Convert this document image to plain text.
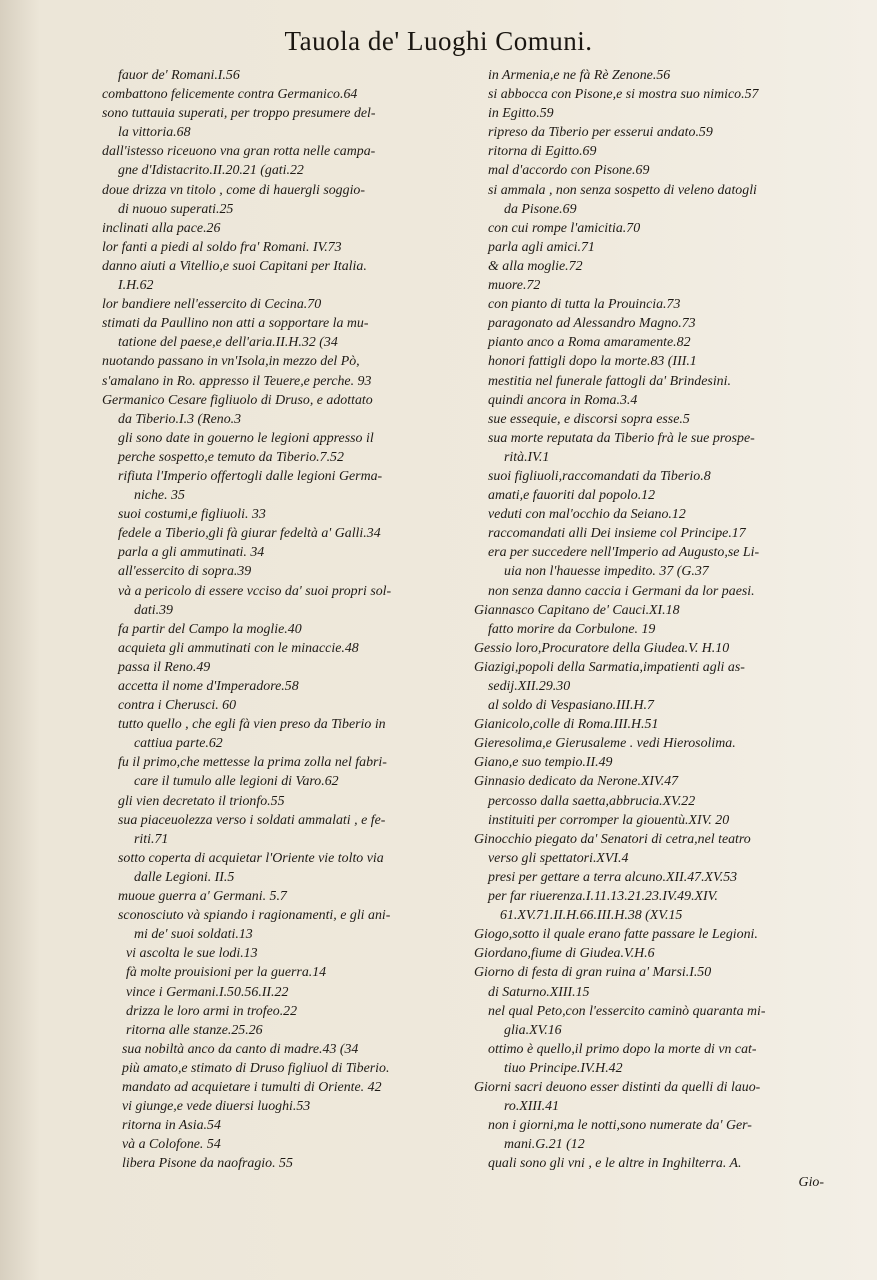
Tauola de' Luoghi Comuni.
fauor de' Romani.I.56
combattono felicemente contra Germanico.64
sono tuttauia superati, per troppo presumere del-
la vittoria.68
dall'istesso riceuono vna gran rotta nelle campa-
gne d'Idistacrito.II.20.21 (gati.22
doue drizza vn titolo , come di hauergli soggio-
di nuouo superati.25
inclinati alla pace.26
lor fanti a piedi al soldo fra' Romani. IV.73
danno aiuti a Vitellio,e suoi Capitani per Italia.
I.H.62
lor bandiere nell'essercito di Cecina.70
stimati da Paullino non atti a sopportare la mu-
tatione del paese,e dell'aria.II.H.32 (34
nuotando passano in vn'Isola,in mezzo del Pò,
s'amalano in Ro. appresso il Teuere,e perche. 93
Germanico Cesare figliuolo di Druso, e adottato
da Tiberio.I.3 (Reno.3
gli sono date in gouerno le legioni appresso il
perche sospetto,e temuto da Tiberio.7.52
rifiuta l'Imperio offertogli dalle legioni Germa-
niche. 35
suoi costumi,e figliuoli. 33
fedele a Tiberio,gli fà giurar fedeltà a' Galli.34
parla a gli ammutinati. 34
all'essercito di sopra.39
và a pericolo di essere vcciso da' suoi propri sol-
dati.39
fa partir del Campo la moglie.40
acquieta gli ammutinati con le minaccie.48
passa il Reno.49
accetta il nome d'Imperadore.58
contra i Cherusci. 60
tutto quello , che egli fà vien preso da Tiberio in
cattiua parte.62
fu il primo,che mettesse la prima zolla nel fabri-
care il tumulo alle legioni di Varo.62
gli vien decretato il trionfo.55
sua piaceuolezza verso i soldati ammalati , e fe-
riti.71
sotto coperta di acquietar l'Oriente vie tolto via
dalle Legioni. II.5
muoue guerra a' Germani. 5.7
sconosciuto và spiando i ragionamenti, e gli ani-
mi de' suoi soldati.13
vi ascolta le sue lodi.13
fà molte prouisioni per la guerra.14
vince i Germani.I.50.56.II.22
drizza le loro armi in trofeo.22
ritorna alle stanze.25.26
sua nobiltà anco da canto di madre.43 (34
più amato,e stimato di Druso figliuol di Tiberio.
mandato ad acquietare i tumulti di Oriente. 42
vi giunge,e vede diuersi luoghi.53
ritorna in Asia.54
và a Colofone. 54
libera Pisone da naofragio. 55
in Armenia,e ne fà Rè Zenone.56
si abbocca con Pisone,e si mostra suo nimico.57
in Egitto.59
ripreso da Tiberio per esserui andato.59
ritorna di Egitto.69
mal d'accordo con Pisone.69
si ammala , non senza sospetto di veleno datogli
da Pisone.69
con cui rompe l'amicitia.70
parla agli amici.71
& alla moglie.72
muore.72
con pianto di tutta la Prouincia.73
paragonato ad Alessandro Magno.73
pianto anco a Roma amaramente.82
honori fattigli dopo la morte.83 (III.1
mestitia nel funerale fattogli da' Brindesini.
quindi ancora in Roma.3.4
sue essequie, e discorsi sopra esse.5
sua morte reputata da Tiberio frà le sue prospe-
rità.IV.1
suoi figliuoli,raccomandati da Tiberio.8
amati,e fauoriti dal popolo.12
veduti con mal'occhio da Seiano.12
raccomandati alli Dei insieme col Principe.17
era per succedere nell'Imperio ad Augusto,se Li-
uia non l'hauesse impedito. 37 (G.37
non senza danno caccia i Germani da lor paesi.
Giannasco Capitano de' Cauci.XI.18
fatto morire da Corbulone. 19
Gessio loro,Procuratore della Giudea.V. H.10
Giazigi,popoli della Sarmatia,impatienti agli as-
sedij.XII.29.30
al soldo di Vespasiano.III.H.7
Gianicolo,colle di Roma.III.H.51
Gieresolima,e Gierusaleme . vedi Hierosolima.
Giano,e suo tempio.II.49
Ginnasio dedicato da Nerone.XIV.47
percosso dalla saetta,abbrucia.XV.22
instituiti per corromper la giouentù.XIV. 20
Ginocchio piegato da' Senatori di cetra,nel teatro
verso gli spettatori.XVI.4
presi per gettare a terra alcuno.XII.47.XV.53
per far riuerenza.I.11.13.21.23.IV.49.XIV.
61.XV.71.II.H.66.III.H.38 (XV.15
Giogo,sotto il quale erano fatte passare le Legioni.
Giordano,fiume di Giudea.V.H.6
Giorno di festa di gran ruina a' Marsi.I.50
di Saturno.XIII.15
nel qual Peto,con l'essercito caminò quaranta mi-
glia.XV.16
ottimo è quello,il primo dopo la morte di vn cat-
tiuo Principe.IV.H.42
Giorni sacri deuono esser distinti da quelli di lauo-
ro.XIII.41
non i giorni,ma le notti,sono numerate da' Ger-
mani.G.21 (12
quali sono gli vni , e le altre in Inghilterra. A.
Gio-
